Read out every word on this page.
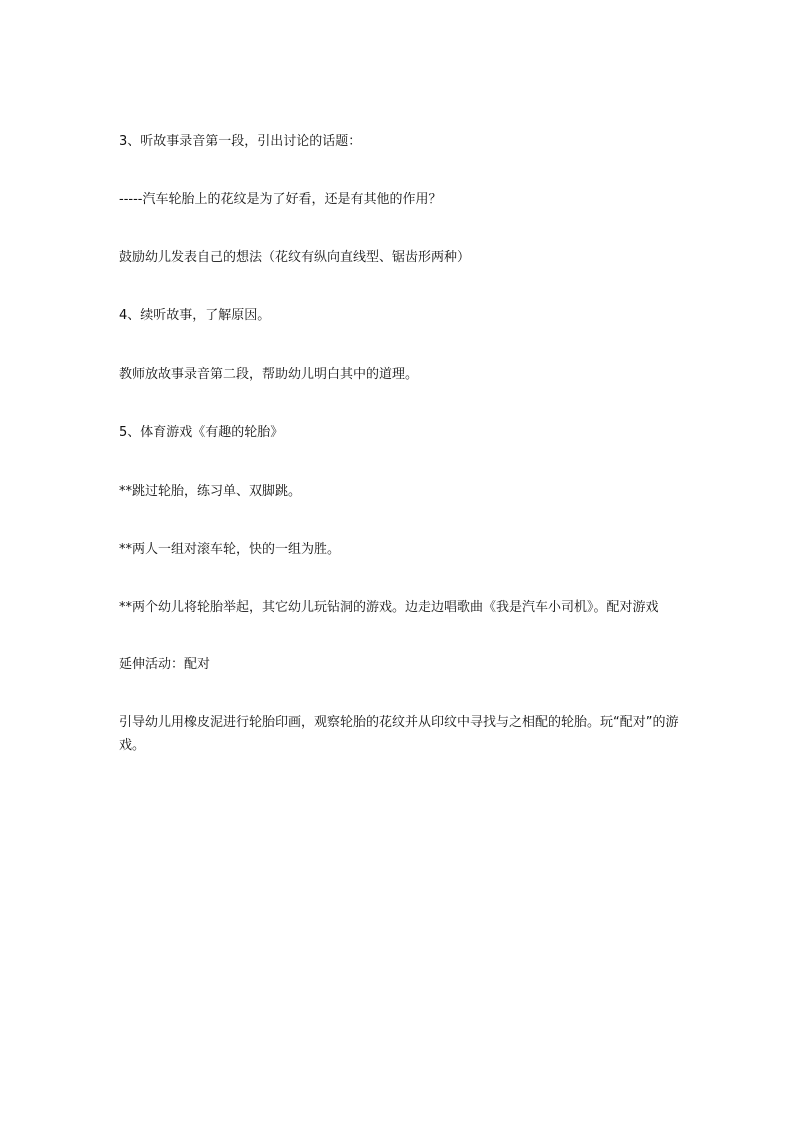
3、听故事录音第一段，引出讨论的话题：

-----汽车轮胎上的花纹是为了好看，还是有其他的作用？

鼓励幼儿发表自己的想法（花纹有纵向直线型、锯齿形两种）

4、续听故事，了解原因。

教师放故事录音第二段，帮助幼儿明白其中的道理。

5、体育游戏《有趣的轮胎》

**跳过轮胎，练习单、双脚跳。

**两人一组对滚车轮，快的一组为胜。

**两个幼儿将轮胎举起，其它幼儿玩钻洞的游戏。边走边唱歌曲《我是汽车小司机》。配对游戏

延伸活动：配对

引导幼儿用橡皮泥进行轮胎印画，观察轮胎的花纹并从印纹中寻找与之相配的轮胎。玩“配对”的游戏。
